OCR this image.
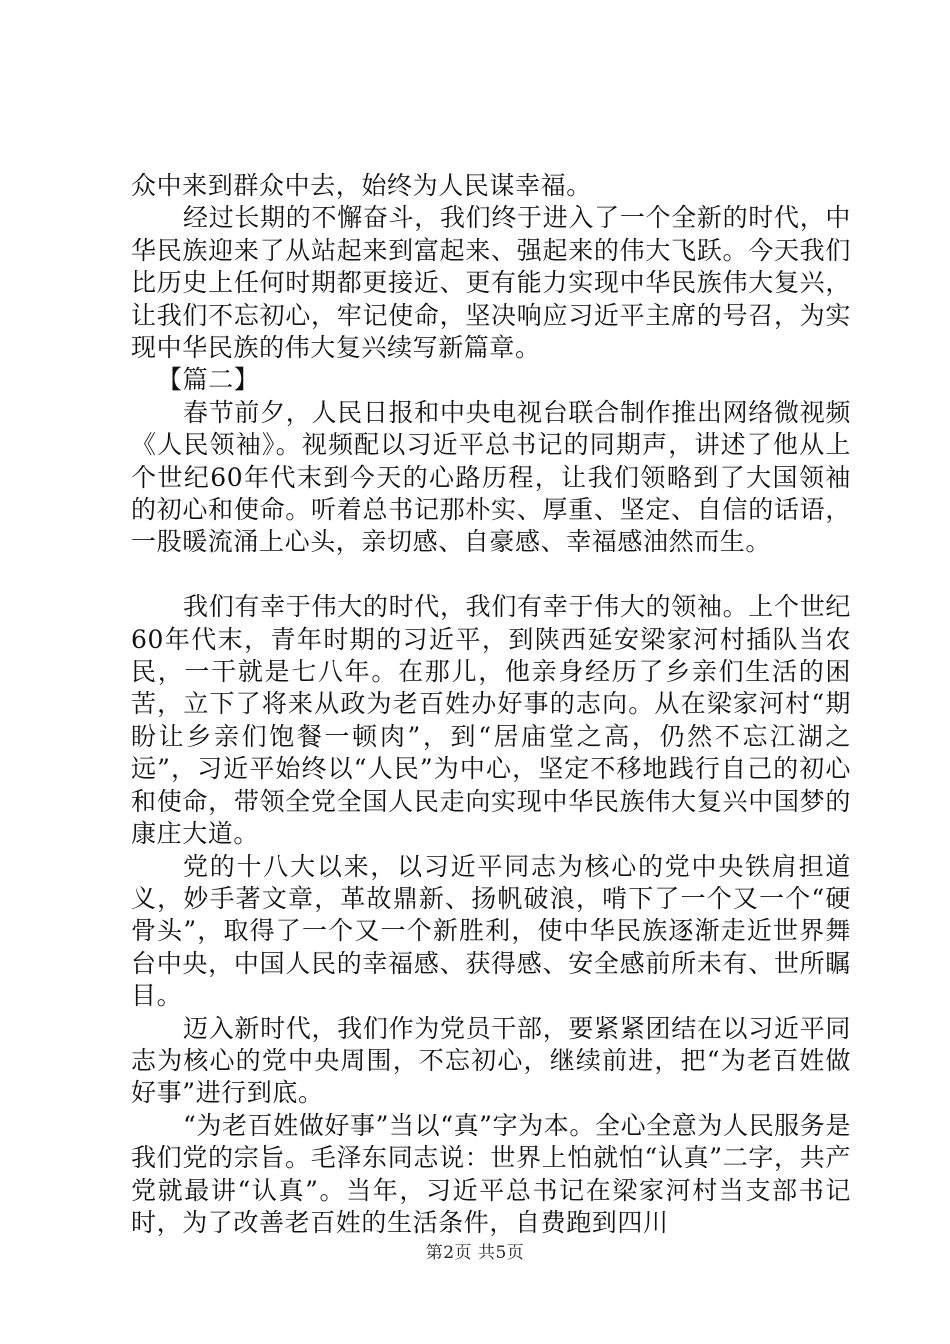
众中来到群众中去，始终为人民谋幸福。

经过长期的不懈奋斗，我们终于进入了一个全新的时代，中华民族迎来了从站起来到富起来、强起来的伟大飞跃。今天我们比历史上任何时期都更接近、更有能力实现中华民族伟大复兴，让我们不忘初心，牢记使命，坚决响应习近平主席的号召，为实现中华民族的伟大复兴续写新篇章。

【篇二】

春节前夕，人民日报和中央电视台联合制作推出网络微视频《人民领袖》。视频配以习近平总书记的同期声，讲述了他从上个世纪60年代末到今天的心路历程，让我们领略到了大国领袖的初心和使命。听着总书记那朴实、厚重、坚定、自信的话语，一股暖流涌上心头，亲切感、自豪感、幸福感油然而生。

我们有幸于伟大的时代，我们有幸于伟大的领袖。上个世纪60年代末，青年时期的习近平，到陕西延安梁家河村插队当农民，一干就是七八年。在那儿，他亲身经历了乡亲们生活的困苦，立下了将来从政为老百姓办好事的志向。从在梁家河村“期盼让乡亲们饱餐一顿肉”，到“居庙堂之高，仍然不忘江湖之远”，习近平始终以“人民”为中心，坚定不移地践行自己的初心和使命，带领全党全国人民走向实现中华民族伟大复兴中国梦的康庄大道。

党的十八大以来，以习近平同志为核心的党中央铁肩担道义，妙手著文章，革故鼎新、扬帆破浪，啃下了一个又一个“硬骨头”，取得了一个又一个新胜利，使中华民族逐渐走近世界舞台中央，中国人民的幸福感、获得感、安全感前所未有、世所瞩目。

迈入新时代，我们作为党员干部，要紧紧团结在以习近平同志为核心的党中央周围，不忘初心，继续前进，把“为老百姓做好事”进行到底。

“为老百姓做好事”当以“真”字为本。全心全意为人民服务是我们党的宗旨。毛泽东同志说：世界上怕就怕“认真”二字，共产党就最讲“认真”。当年，习近平总书记在梁家河村当支部书记时，为了改善老百姓的生活条件，自费跑到四川

第2页 共5页
